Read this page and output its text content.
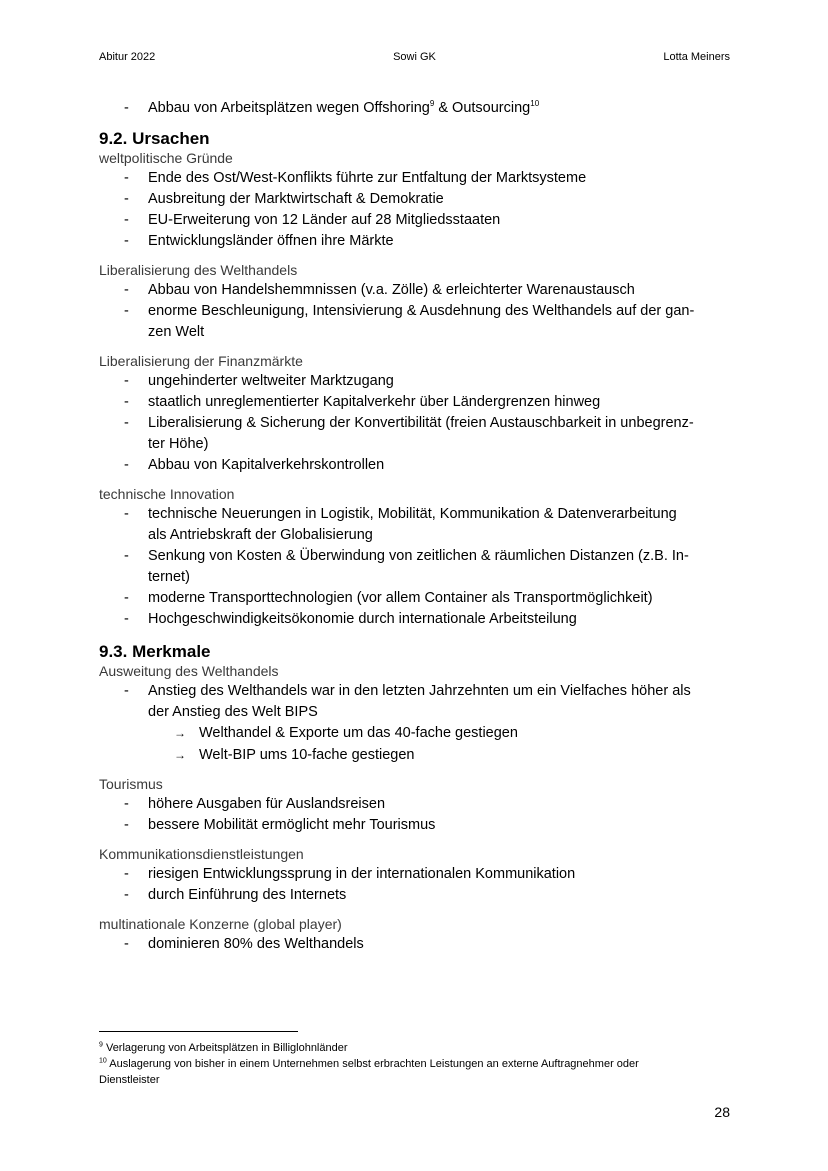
Abitur 2022	Sowi GK	Lotta Meiners
- Abbau von Arbeitsplätzen wegen Offshoring$^9$ & Outsourcing$^{10}$
9.2. Ursachen

weltpolitische Gründe

- Ende des Ost/West-Konflikts führte zur Entfaltung der Marktsysteme
- Ausbreitung der Marktwirtschaft & Demokratie
- EU-Erweiterung von 12 Länder auf 28 Mitgliedsstaaten
- Entwicklungsländer öffnen ihre Märkte

Liberalisierung des Welthandels

- Abbau von Handelshemmnissen (v.a. Zölle) & erleichterter Warenaustausch
- enorme Beschleunigung, Intensivierung & Ausdehnung des Welthandels auf der gan-
zen Welt

Liberalisierung der Finanzmärkte

- ungehinderter weltweiter Marktzugang
- staatlich unreglementierter Kapitalverkehr über Ländergrenzen hinweg
- Liberalisierung & Sicherung der Konvertibilität (freien Austauschbarkeit in unbegrenz-
ter Höhe)
- Abbau von Kapitalverkehrskontrollen

technische Innovation

- technische Neuerungen in Logistik, Mobilität, Kommunikation & Datenverarbeitung
als Antriebskraft der Globalisierung
- Senkung von Kosten & Überwindung von zeitlichen & räumlichen Distanzen (z.B. In-
ternet)
- moderne Transporttechnologien (vor allem Container als Transportmöglichkeit)
- Hochgeschwindigkeitsökonomie durch internationale Arbeitsteilung
9.3. Merkmale

Ausweitung des Welthandels

- Anstieg des Welthandels war in den letzten Jahrzehnten um ein Vielfaches höher als
der Anstieg des Welt BIPS
→ Welthandel & Exporte um das 40-fache gestiegen
→ Welt-BIP ums 10-fache gestiegen

Tourismus

- höhere Ausgaben für Auslandsreisen
- bessere Mobilität ermöglicht mehr Tourismus

Kommunikationsdienstleistungen

- riesigen Entwicklungssprung in der internationalen Kommunikation
- durch Einführung des Internets

multinationale Konzerne (global player)

- dominieren 80% des Welthandels
$^9$ Verlagerung von Arbeitsplätzen in Billiglohnländer
$^{10}$ Auslagerung von bisher in einem Unternehmen selbst erbrachten Leistungen an externe Auftragnehmer oder
Dienstleister
28
